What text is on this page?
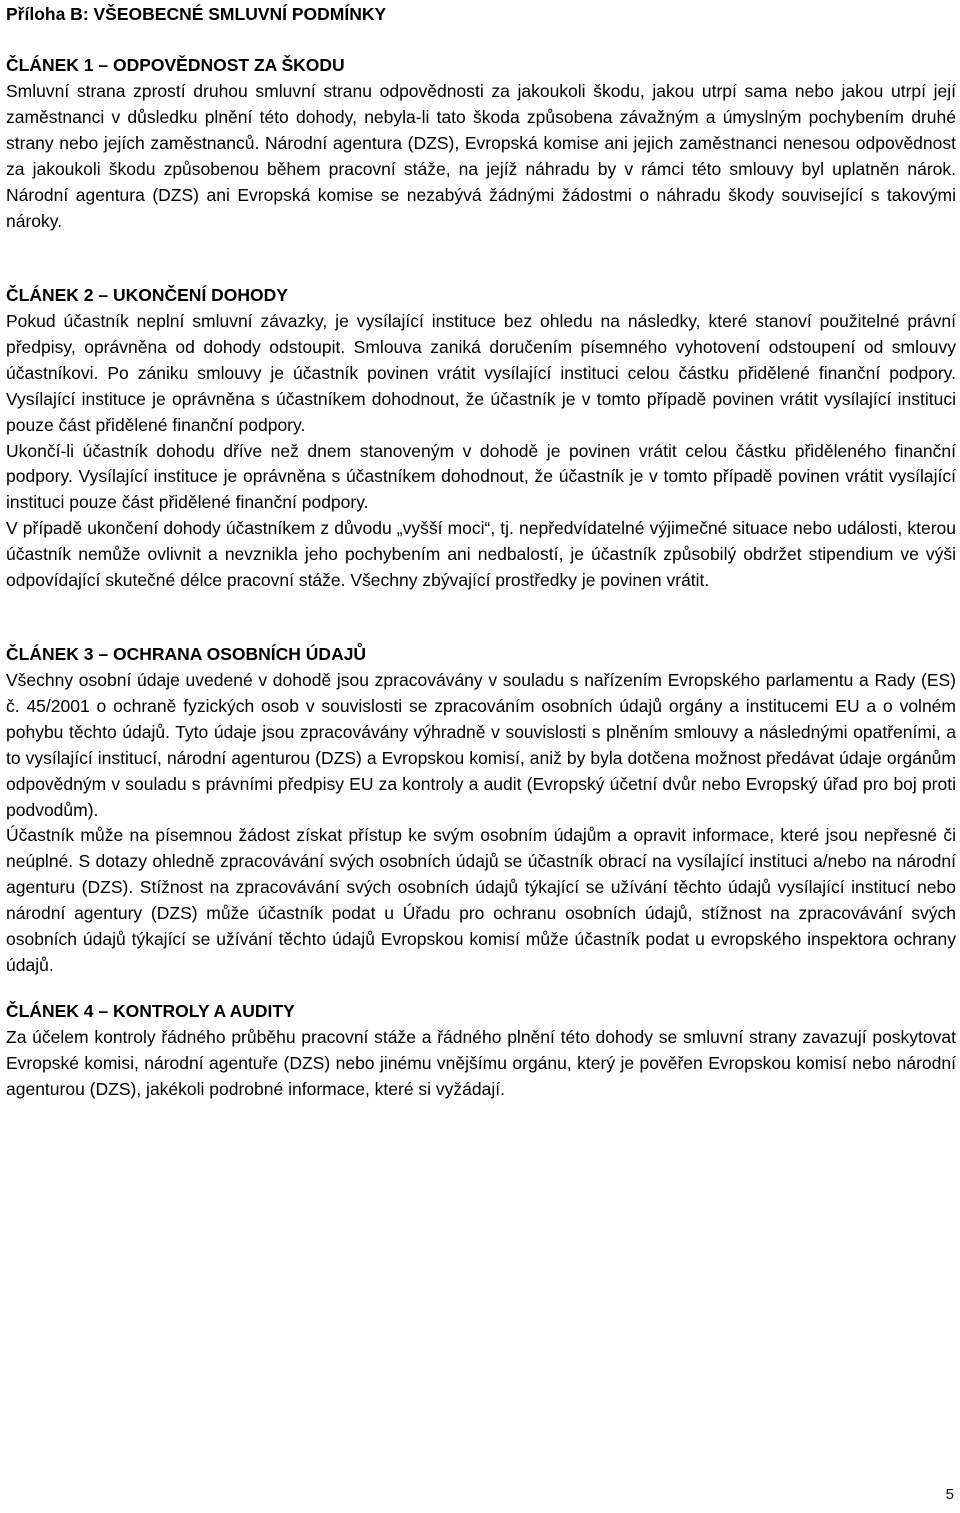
Příloha B: VŠEOBECNÉ SMLUVNÍ PODMÍNKY
ČLÁNEK 1 – ODPOVĚDNOST ZA ŠKODU

Smluvní strana zprostí druhou smluvní stranu odpovědnosti za jakoukoli škodu, jakou utrpí sama nebo jakou utrpí její zaměstnanci v důsledku plnění této dohody, nebyla-li tato škoda způsobena závažným a úmyslným pochybením druhé strany nebo jejích zaměstnanců. Národní agentura (DZS), Evropská komise ani jejich zaměstnanci nenesou odpovědnost za jakoukoli škodu způsobenou během pracovní stáže, na jejíž náhradu by v rámci této smlouvy byl uplatněn nárok. Národní agentura (DZS) ani Evropská komise se nezabývá žádnými žádostmi o náhradu škody související s takovými nároky.

ČLÁNEK 2 – UKONČENÍ DOHODY

Pokud účastník neplní smluvní závazky, je vysílající instituce bez ohledu na následky, které stanoví použitelné právní předpisy, oprávněna od dohody odstoupit. Smlouva zaniká doručením písemného vyhotovení odstoupení od smlouvy účastníkovi. Po zániku smlouvy je účastník povinen vrátit vysílající instituci celou částku přidělené finanční podpory. Vysílající instituce je oprávněna s účastníkem dohodnout, že účastník je v tomto případě povinen vrátit vysílající instituci pouze část přidělené finanční podpory.

Ukončí-li účastník dohodu dříve než dnem stanoveným v dohodě je povinen vrátit celou částku přiděleného finanční podpory. Vysílající instituce je oprávněna s účastníkem dohodnout, že účastník je v tomto případě povinen vrátit vysílající instituci pouze část přidělené finanční podpory.

V případě ukončení dohody účastníkem z důvodu „vyšší moci“, tj. nepředvídatelné výjimečné situace nebo události, kterou účastník nemůže ovlivnit a nevznikla jeho pochybením ani nedbalostí, je účastník způsobilý obdržet stipendium ve výši odpovídající skutečné délce pracovní stáže. Všechny zbývající prostředky je povinen vrátit.

ČLÁNEK 3 – OCHRANA OSOBNÍCH ÚDAJŮ

Všechny osobní údaje uvedené v dohodě jsou zpracovávány v souladu s nařízením Evropského parlamentu a Rady (ES) č. 45/2001 o ochraně fyzických osob v souvislosti se zpracováním osobních údajů orgány a institucemi EU a o volném pohybu těchto údajů. Tyto údaje jsou zpracovávány výhradně v souvislosti s plněním smlouvy a následnými opatřeními, a to vysílající institucí, národní agenturou (DZS) a Evropskou komisí, aniž by byla dotčena možnost předávat údaje orgánům odpovědným v souladu s právními předpisy EU za kontroly a audit (Evropský účetní dvůr nebo Evropský úřad pro boj proti podvodům).

Účastník může na písemnou žádost získat přístup ke svým osobním údajům a opravit informace, které jsou nepřesné či neúplné. S dotazy ohledně zpracovávání svých osobních údajů se účastník obrací na vysílající instituci a/nebo na národní agenturu (DZS). Stížnost na zpracovávání svých osobních údajů týkající se užívání těchto údajů vysílající institucí nebo národní agentury (DZS) může účastník podat u Úřadu pro ochranu osobních údajů, stížnost na zpracovávání svých osobních údajů týkající se užívání těchto údajů Evropskou komisí může účastník podat u evropského inspektora ochrany údajů.

ČLÁNEK 4 – KONTROLY A AUDITY

Za účelem kontroly řádného průběhu pracovní stáže a řádného plnění této dohody se smluvní strany zavazují poskytovat Evropské komisi, národní agentuře (DZS) nebo jinému vnějšímu orgánu, který je pověřen Evropskou komisí nebo národní agenturou (DZS), jakékoli podrobné informace, které si vyžádají.

5
